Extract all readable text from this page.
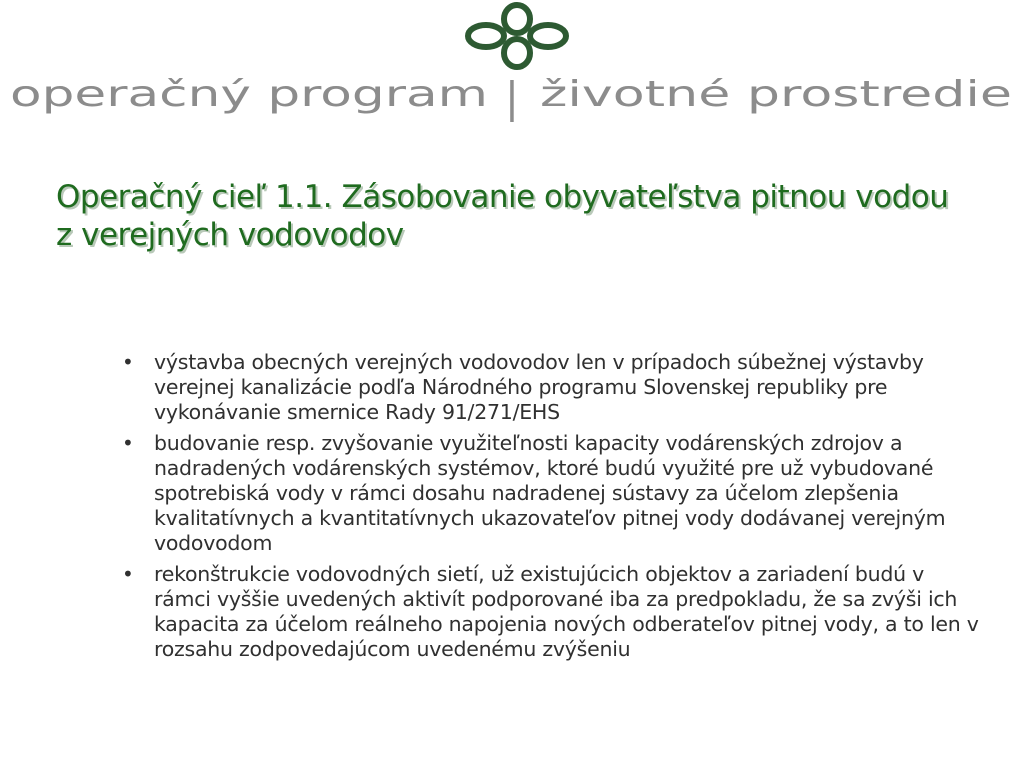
operačný program | životné prostredie
Operačný cieľ 1.1. Zásobovanie obyvateľstva pitnou vodou
z verejných vodovodov
• výstavba obecných verejných vodovodov len v prípadoch súbežnej výstavby verejnej kanalizácie podľa Národného programu Slovenskej republiky pre vykonávanie smernice Rady 91/271/EHS
• budovanie resp. zvyšovanie využiteľnosti kapacity vodárenských zdrojov a nadradených vodárenských systémov, ktoré budú využité pre už vybudované spotrebiská vody v rámci dosahu nadradenej sústavy za účelom zlepšenia kvalitatívnych a kvantitatívnych ukazovateľov pitnej vody dodávanej verejným vodovodom
• rekonštrukcie vodovodných sietí, už existujúcich objektov a zariadení budú v rámci vyššie uvedených aktivít podporované iba za predpokladu, že sa zvýši ich kapacita za účelom reálneho napojenia nových odberateľov pitnej vody, a to len v rozsahu zodpovedajúcom uvedenému zvýšeniu
